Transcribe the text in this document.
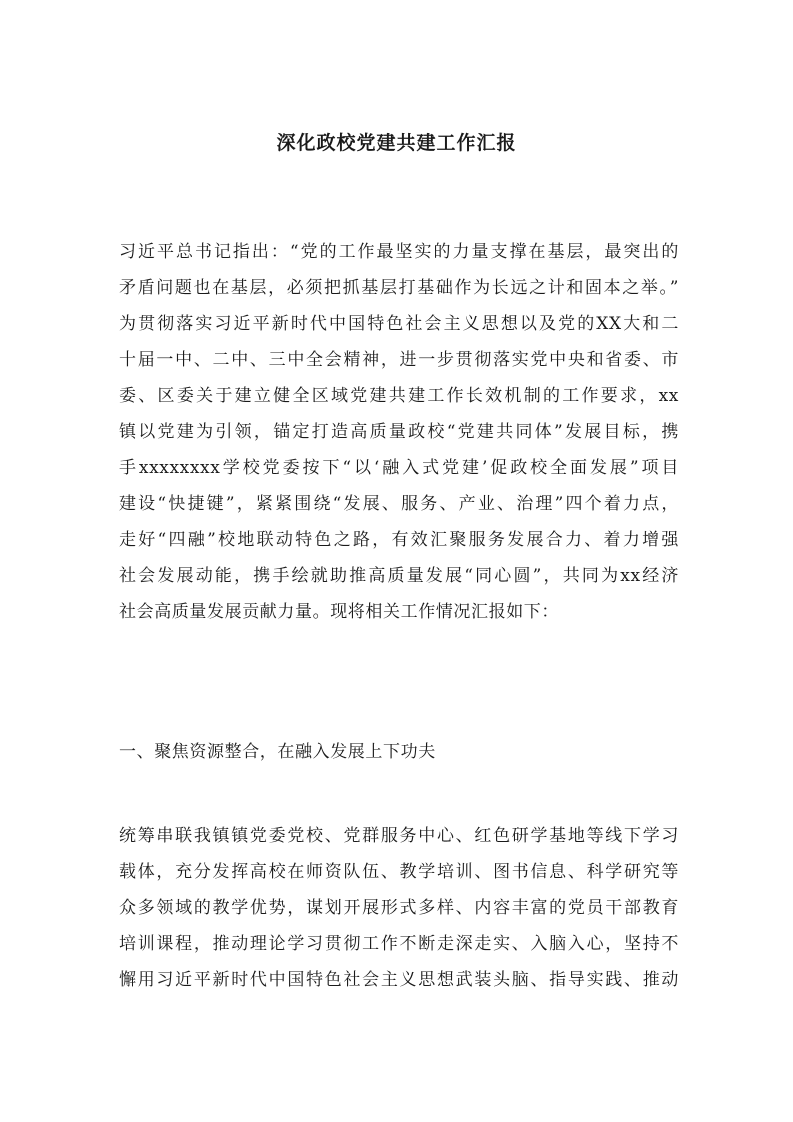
深化政校党建共建工作汇报
习近平总书记指出：“党的工作最坚实的力量支撑在基层，最突出的
矛盾问题也在基层，必须把抓基层打基础作为长远之计和固本之举。”
为贯彻落实习近平新时代中国特色社会主义思想以及党的XX大和二
十届一中、二中、三中全会精神，进一步贯彻落实党中央和省委、市
委、区委关于建立健全区域党建共建工作长效机制的工作要求，xx
镇以党建为引领，锚定打造高质量政校“党建共同体”发展目标，携
手xxxxxxxx学校党委按下“以‘融入式党建’促政校全面发展”项目
建设“快捷键”，紧紧围绕“发展、服务、产业、治理”四个着力点，
走好“四融”校地联动特色之路，有效汇聚服务发展合力、着力增强
社会发展动能，携手绘就助推高质量发展“同心圆”，共同为xx经济
社会高质量发展贡献力量。现将相关工作情况汇报如下：
一、聚焦资源整合，在融入发展上下功夫
统筹串联我镇镇党委党校、党群服务中心、红色研学基地等线下学习
载体，充分发挥高校在师资队伍、教学培训、图书信息、科学研究等
众多领域的教学优势，谋划开展形式多样、内容丰富的党员干部教育
培训课程，推动理论学习贯彻工作不断走深走实、入脑入心，坚持不
懈用习近平新时代中国特色社会主义思想武装头脑、指导实践、推动
